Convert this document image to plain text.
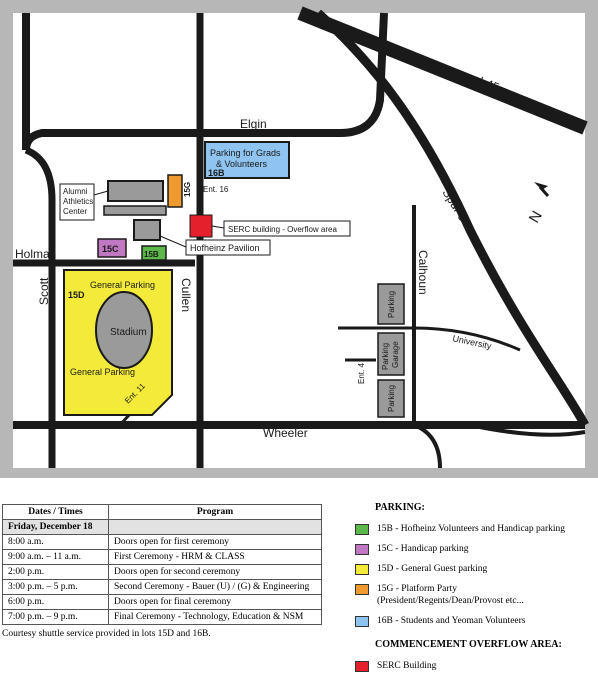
Elgin
I-45
Holman
Scott	Cullen
Wheeler
Spur 5
Calhoun
University
N
Parking for Grads
& Volunteers
16B
Ent. 16
15G
15C
15B
15D
General Parking
General Parking
Stadium
Ent. 11
Ent. 4
Alumni
Athletics
Center
Hofheinz Pavilion
SERC building - Overflow area
Parking
Parking Garage
Parking
Dates / Times	Program
Friday, December 18	
8:00 a.m.	Doors open for first ceremony
9:00 a.m. – 11 a.m.	First Ceremony - HRM & CLASS
2:00 p.m.	Doors open for second ceremony
3:00 p.m. – 5 p.m.	Second Ceremony - Bauer (U) / (G) & Engineering
6:00 p.m.	Doors open for final ceremony
7:00 p.m. – 9 p.m.	Final Ceremony - Technology, Education & NSM
Courtesy shuttle service provided in lots 15D and 16B.
PARKING:
15B - Hofheinz Volunteers and Handicap parking
15C - Handicap parking
15D - General Guest parking
15G - Platform Party
(President/Regents/Dean/Provost etc...
16B - Students and Yeoman Volunteers
COMMENCEMENT OVERFLOW AREA:
SERC Building
